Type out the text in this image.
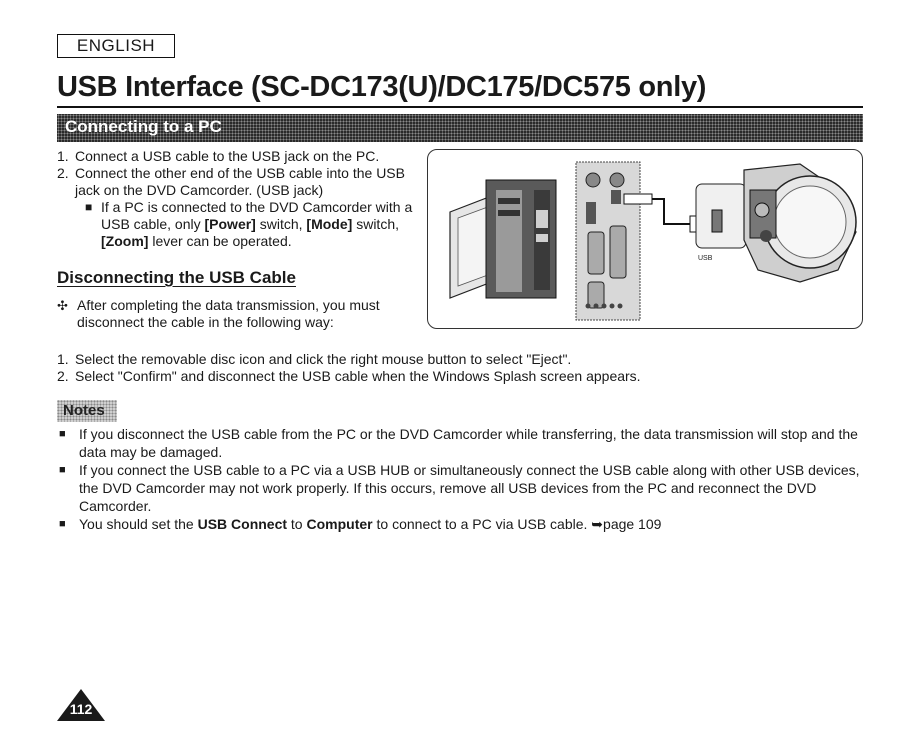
ENGLISH
USB Interface (SC-DC173(U)/DC175/DC575 only)
Connecting to a PC
1. Connect a USB cable to the USB jack on the PC.
2. Connect the other end of the USB cable into the USB jack on the DVD Camcorder. (USB jack)
■ If a PC is connected to the DVD Camcorder with a USB cable, only [Power] switch, [Mode] switch, [Zoom] lever can be operated.
Disconnecting the USB Cable
✣ After completing the data transmission, you must disconnect the cable in the following way:
USB
1. Select the removable disc icon and click the right mouse button to select "Eject".
2. Select "Confirm" and disconnect the USB cable when the Windows Splash screen appears.
Notes
■ If you disconnect the USB cable from the PC or the DVD Camcorder while transferring, the data transmission will stop and the data may be damaged.
■ If you connect the USB cable to a PC via a USB HUB or simultaneously connect the USB cable along with other USB devices, the DVD Camcorder may not work properly. If this occurs, remove all USB devices from the PC and reconnect the DVD Camcorder.
■ You should set the USB Connect to Computer to connect to a PC via USB cable. ➥page 109
112
